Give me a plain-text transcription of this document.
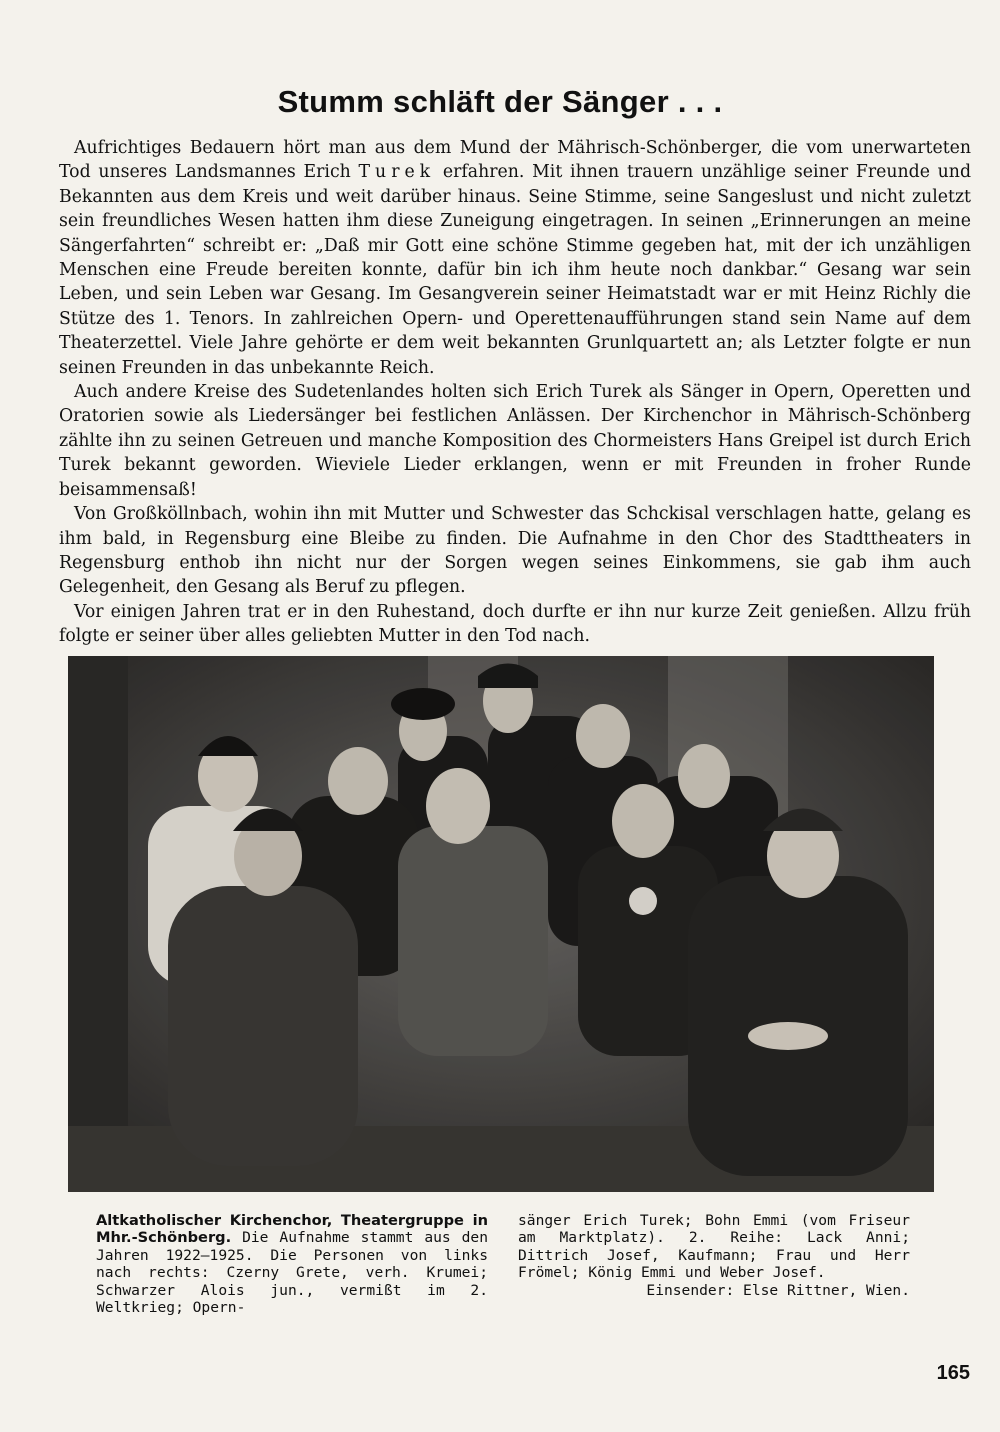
Stumm schläft der Sänger . . .

Aufrichtiges Bedauern hört man aus dem Mund der Mährisch-Schönberger, die vom unerwarteten Tod unseres Landsmannes Erich Turek erfahren. Mit ihnen trauern unzählige seiner Freunde und Bekannten aus dem Kreis und weit darüber hinaus. Seine Stimme, seine Sangeslust und nicht zuletzt sein freundliches Wesen hatten ihm diese Zuneigung eingetragen. In seinen „Erinnerungen an meine Sängerfahrten“ schreibt er: „Daß mir Gott eine schöne Stimme gegeben hat, mit der ich unzähligen Menschen eine Freude bereiten konnte, dafür bin ich ihm heute noch dankbar.“ Gesang war sein Leben, und sein Leben war Gesang. Im Gesangverein seiner Heimatstadt war er mit Heinz Richly die Stütze des 1. Tenors. In zahlreichen Opern- und Operettenaufführungen stand sein Name auf dem Theaterzettel. Viele Jahre gehörte er dem weit bekannten Grunlquartett an; als Letzter folgte er nun seinen Freunden in das unbekannte Reich.

Auch andere Kreise des Sudetenlandes holten sich Erich Turek als Sänger in Opern, Operetten und Oratorien sowie als Liedersänger bei festlichen Anlässen. Der Kirchenchor in Mährisch-Schönberg zählte ihn zu seinen Getreuen und manche Komposition des Chormeisters Hans Greipel ist durch Erich Turek bekannt geworden. Wieviele Lieder erklangen, wenn er mit Freunden in froher Runde beisammensaß!

Von Großköllnbach, wohin ihn mit Mutter und Schwester das Schckisal verschlagen hatte, gelang es ihm bald, in Regensburg eine Bleibe zu finden. Die Aufnahme in den Chor des Stadttheaters in Regensburg enthob ihn nicht nur der Sorgen wegen seines Einkommens, sie gab ihm auch Gelegenheit, den Gesang als Beruf zu pflegen.

Vor einigen Jahren trat er in den Ruhestand, doch durfte er ihn nur kurze Zeit genießen. Allzu früh folgte er seiner über alles geliebten Mutter in den Tod nach.

Altkatholischer Kirchenchor, Theatergruppe in Mhr.-Schönberg. Die Aufnahme stammt aus den Jahren 1922—1925. Die Personen von links nach rechts: Czerny Grete, verh. Krumei; Schwarzer Alois jun., vermißt im 2. Weltkrieg; Opern-
sänger Erich Turek; Bohn Emmi (vom Friseur am Marktplatz). 2. Reihe: Lack Anni; Dittrich Josef, Kaufmann; Frau und Herr Frömel; König Emmi und Weber Josef.
Einsender: Else Rittner, Wien.
165
